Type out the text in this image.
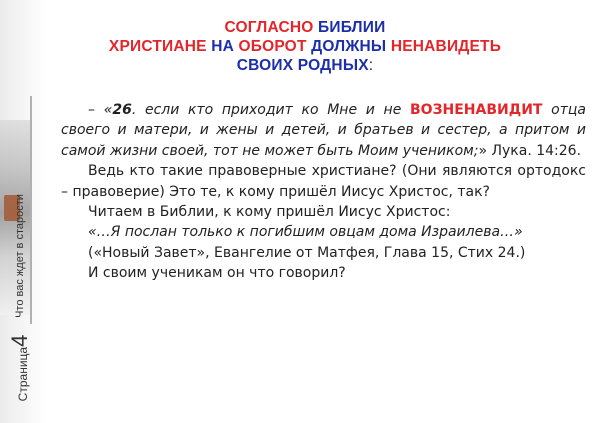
Что вас ждет в старости
Страница4
СОГЛАСНО БИБЛИИ
ХРИСТИАНЕ НА ОБОРОТ ДОЛЖНЫ НЕНАВИДЕТЬ
СВОИХ РОДНЫХ:

– «26. если кто приходит ко Мне и не ВОЗНЕНАВИДИТ отца своего и матери, и жены и детей, и братьев и сестер, а притом и самой жизни своей, тот не может быть Моим учеником;» Лука. 14:26.

Ведь кто такие правоверные христиане? (Они являются ортодокс – правоверие) Это те, к кому пришёл Иисус Христос, так?

Читаем в Библии, к кому пришёл Иисус Христос:

«…Я послан только к погибшим овцам дома Израилева…»

(«Новый Завет», Евангелие от Матфея, Глава 15, Стих 24.)

И своим ученикам он что говорил?
